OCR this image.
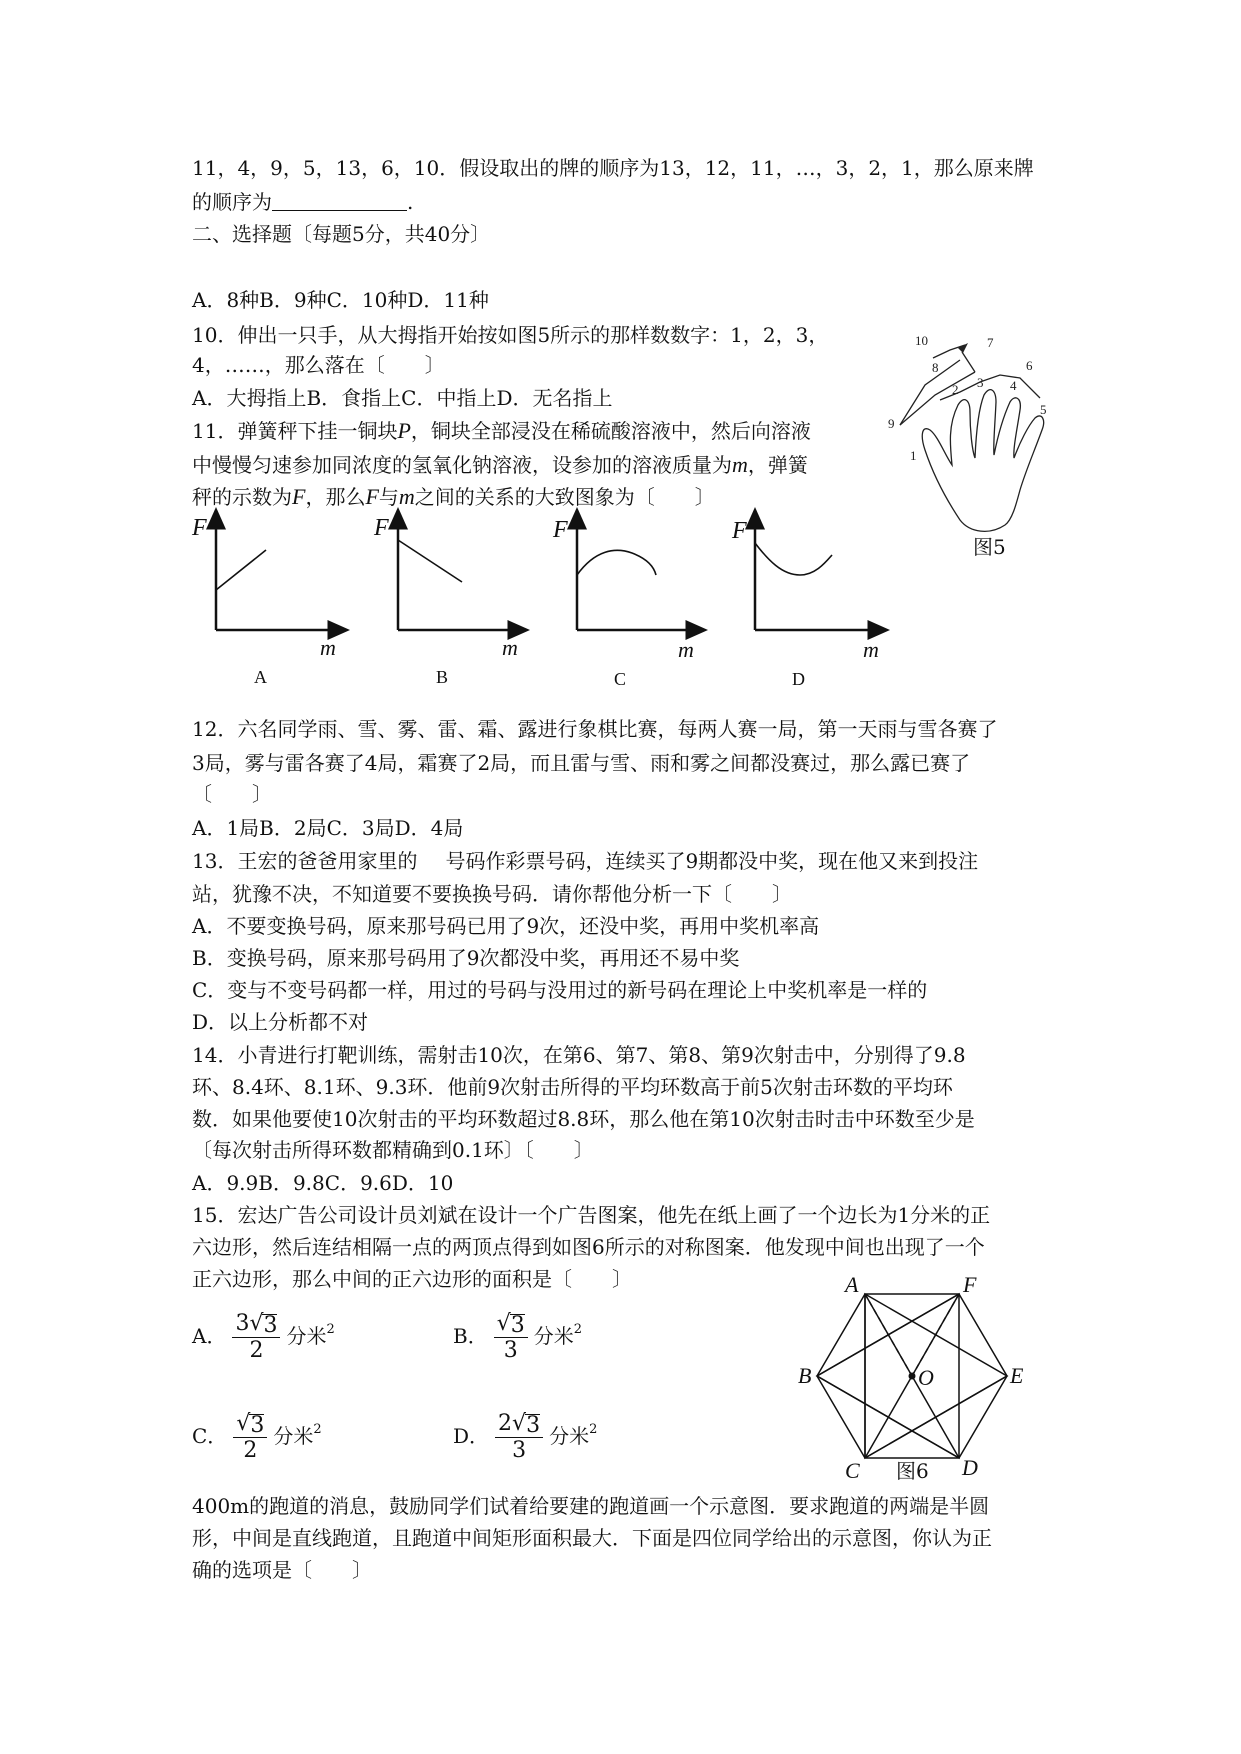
11，4，9，5，13，6，10．假设取出的牌的顺序为13，12，11，…，3，2，1，那么原来牌
的顺序为	.
二、选择题〔每题5分，共40分〕
A．8种B．9种C．10种D．11种
10．伸出一只手，从大拇指开始按如图5所示的那样数数字：1，2，3，
4，……，那么落在〔　　〕
A．大拇指上B．食指上C．中指上D．无名指上
1
2 3 4
5
6
7
8
9
10
图5
11．弹簧秤下挂一铜块P，铜块全部浸没在稀硫酸溶液中，然后向溶液
中慢慢匀速参加同浓度的氢氧化钠溶液，设参加的溶液质量为m，弹簧
秤的示数为F，那么F与m之间的关系的大致图象为〔　　〕
F
m
F
m
F
m
F
m
A	B	C	D
12．六名同学雨、雪、雾、雷、霜、露进行象棋比赛，每两人赛一局，第一天雨与雪各赛了
3局，雾与雷各赛了4局，霜赛了2局，而且雷与雪、雨和雾之间都没赛过，那么露已赛了
〔　　〕
A．1局B．2局C．3局D．4局
13．王宏的爸爸用家里的 号码作彩票号码，连续买了9期都没中奖，现在他又来到投注
站，犹豫不决，不知道要不要换换号码．请你帮他分析一下〔　　〕
A．不要变换号码，原来那号码已用了9次，还没中奖，再用中奖机率高
B．变换号码，原来那号码用了9次都没中奖，再用还不易中奖
C．变与不变号码都一样，用过的号码与没用过的新号码在理论上中奖机率是一样的
D．以上分析都不对
14．小青进行打靶训练，需射击10次，在第6、第7、第8、第9次射击中，分别得了9.8
环、8.4环、8.1环、9.3环．他前9次射击所得的平均环数高于前5次射击环数的平均环
数．如果他要使10次射击的平均环数超过8.8环，那么他在第10次射击时击中环数至少是
〔每次射击所得环数都精确到0.1环〕〔　　〕
A．9.9B．9.8C．9.6D．10
15．宏达广告公司设计员刘斌在设计一个广告图案，他先在纸上画了一个边长为1分米的正
六边形，然后连结相隔一点的两顶点得到如图6所示的对称图案．他发现中间也出现了一个
正六边形，那么中间的正六边形的面积是〔　　〕
A． $\frac{3 √ 3}{2}$ 分米$^2$	B． $\frac{√ 3}{3}$ 分米$^2$
C． $\frac{√ 3}{2}$ 分米$^2$	D． $\frac{2 √ 3}{3}$ 分米$^2$
A	F
B	E
C	D
O
图6
400m的跑道的消息，鼓励同学们试着给要建的跑道画一个示意图．要求跑道的两端是半圆
形，中间是直线跑道，且跑道中间矩形面积最大．下面是四位同学给出的示意图，你认为正
确的选项是〔　　〕
